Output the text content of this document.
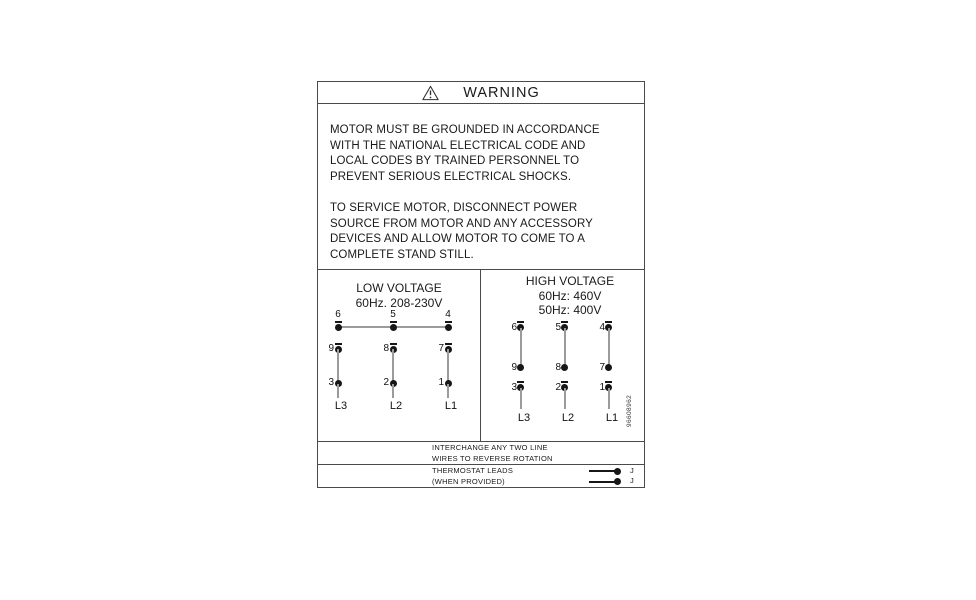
WARNING
MOTOR MUST BE GROUNDED IN ACCORDANCE
WITH THE NATIONAL ELECTRICAL CODE AND
LOCAL CODES BY TRAINED PERSONNEL TO
PREVENT SERIOUS ELECTRICAL SHOCKS.
TO SERVICE MOTOR, DISCONNECT POWER
SOURCE FROM MOTOR AND ANY ACCESSORY
DEVICES AND ALLOW MOTOR TO COME TO A
COMPLETE STAND STILL.
LOW VOLTAGE
60Hz. 208-230V
6	5	4
9	8	7
3	2	1
L3	L2	L1
HIGH VOLTAGE
60Hz: 460V
50Hz: 400V
6	5	4
9	8	7
3	2	1
L3	L2	L1 96608962
INTERCHANGE ANY TWO LINE
WIRES TO REVERSE ROTATION
THERMOSTAT LEADS
(WHEN PROVIDED)
J
J
